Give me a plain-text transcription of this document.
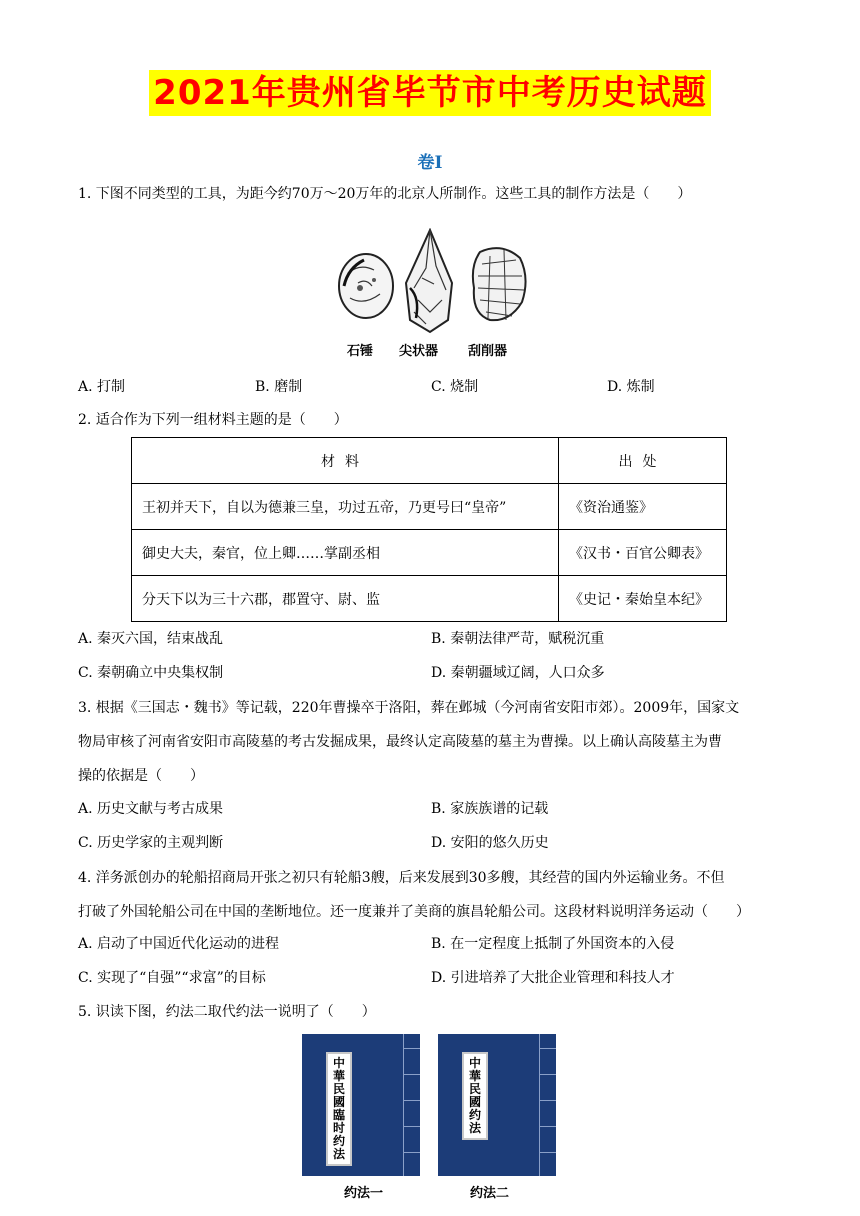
2021年贵州省毕节市中考历史试题
卷Ⅰ
1. 下图不同类型的工具，为距今约70万～20万年的北京人所制作。这些工具的制作方法是（　　）
石锤 尖状器 刮削器
A. 打制	B. 磨制	C. 烧制	D. 炼制
2. 适合作为下列一组材料主题的是（　　）
材料	出处
王初并天下，自以为德兼三皇，功过五帝，乃更号曰“皇帝”	《资治通鉴》
御史大夫，秦官，位上卿……掌副丞相	《汉书・百官公卿表》
分天下以为三十六郡，郡置守、尉、监	《史记・秦始皇本纪》
A. 秦灭六国，结束战乱	B. 秦朝法律严苛，赋税沉重
C. 秦朝确立中央集权制	D. 秦朝疆域辽阔，人口众多
3. 根据《三国志・魏书》等记载，220年曹操卒于洛阳，葬在邺城（今河南省安阳市郊）。2009年，国家文
物局审核了河南省安阳市高陵墓的考古发掘成果，最终认定高陵墓的墓主为曹操。以上确认高陵墓主为曹
操的依据是（　　）
A. 历史文献与考古成果	B. 家族族谱的记载
C. 历史学家的主观判断	D. 安阳的悠久历史
4. 洋务派创办的轮船招商局开张之初只有轮船3艘，后来发展到30多艘，其经营的国内外运输业务。不但
打破了外国轮船公司在中国的垄断地位。还一度兼并了美商的旗昌轮船公司。这段材料说明洋务运动（　　）
A. 启动了中国近代化运动的进程	B. 在一定程度上抵制了外国资本的入侵
C. 实现了“自强”“求富”的目标	D. 引进培养了大批企业管理和科技人才
5. 识读下图，约法二取代约法一说明了（　　）
中華民國臨时约法
中華民國约法
约法一	约法二
